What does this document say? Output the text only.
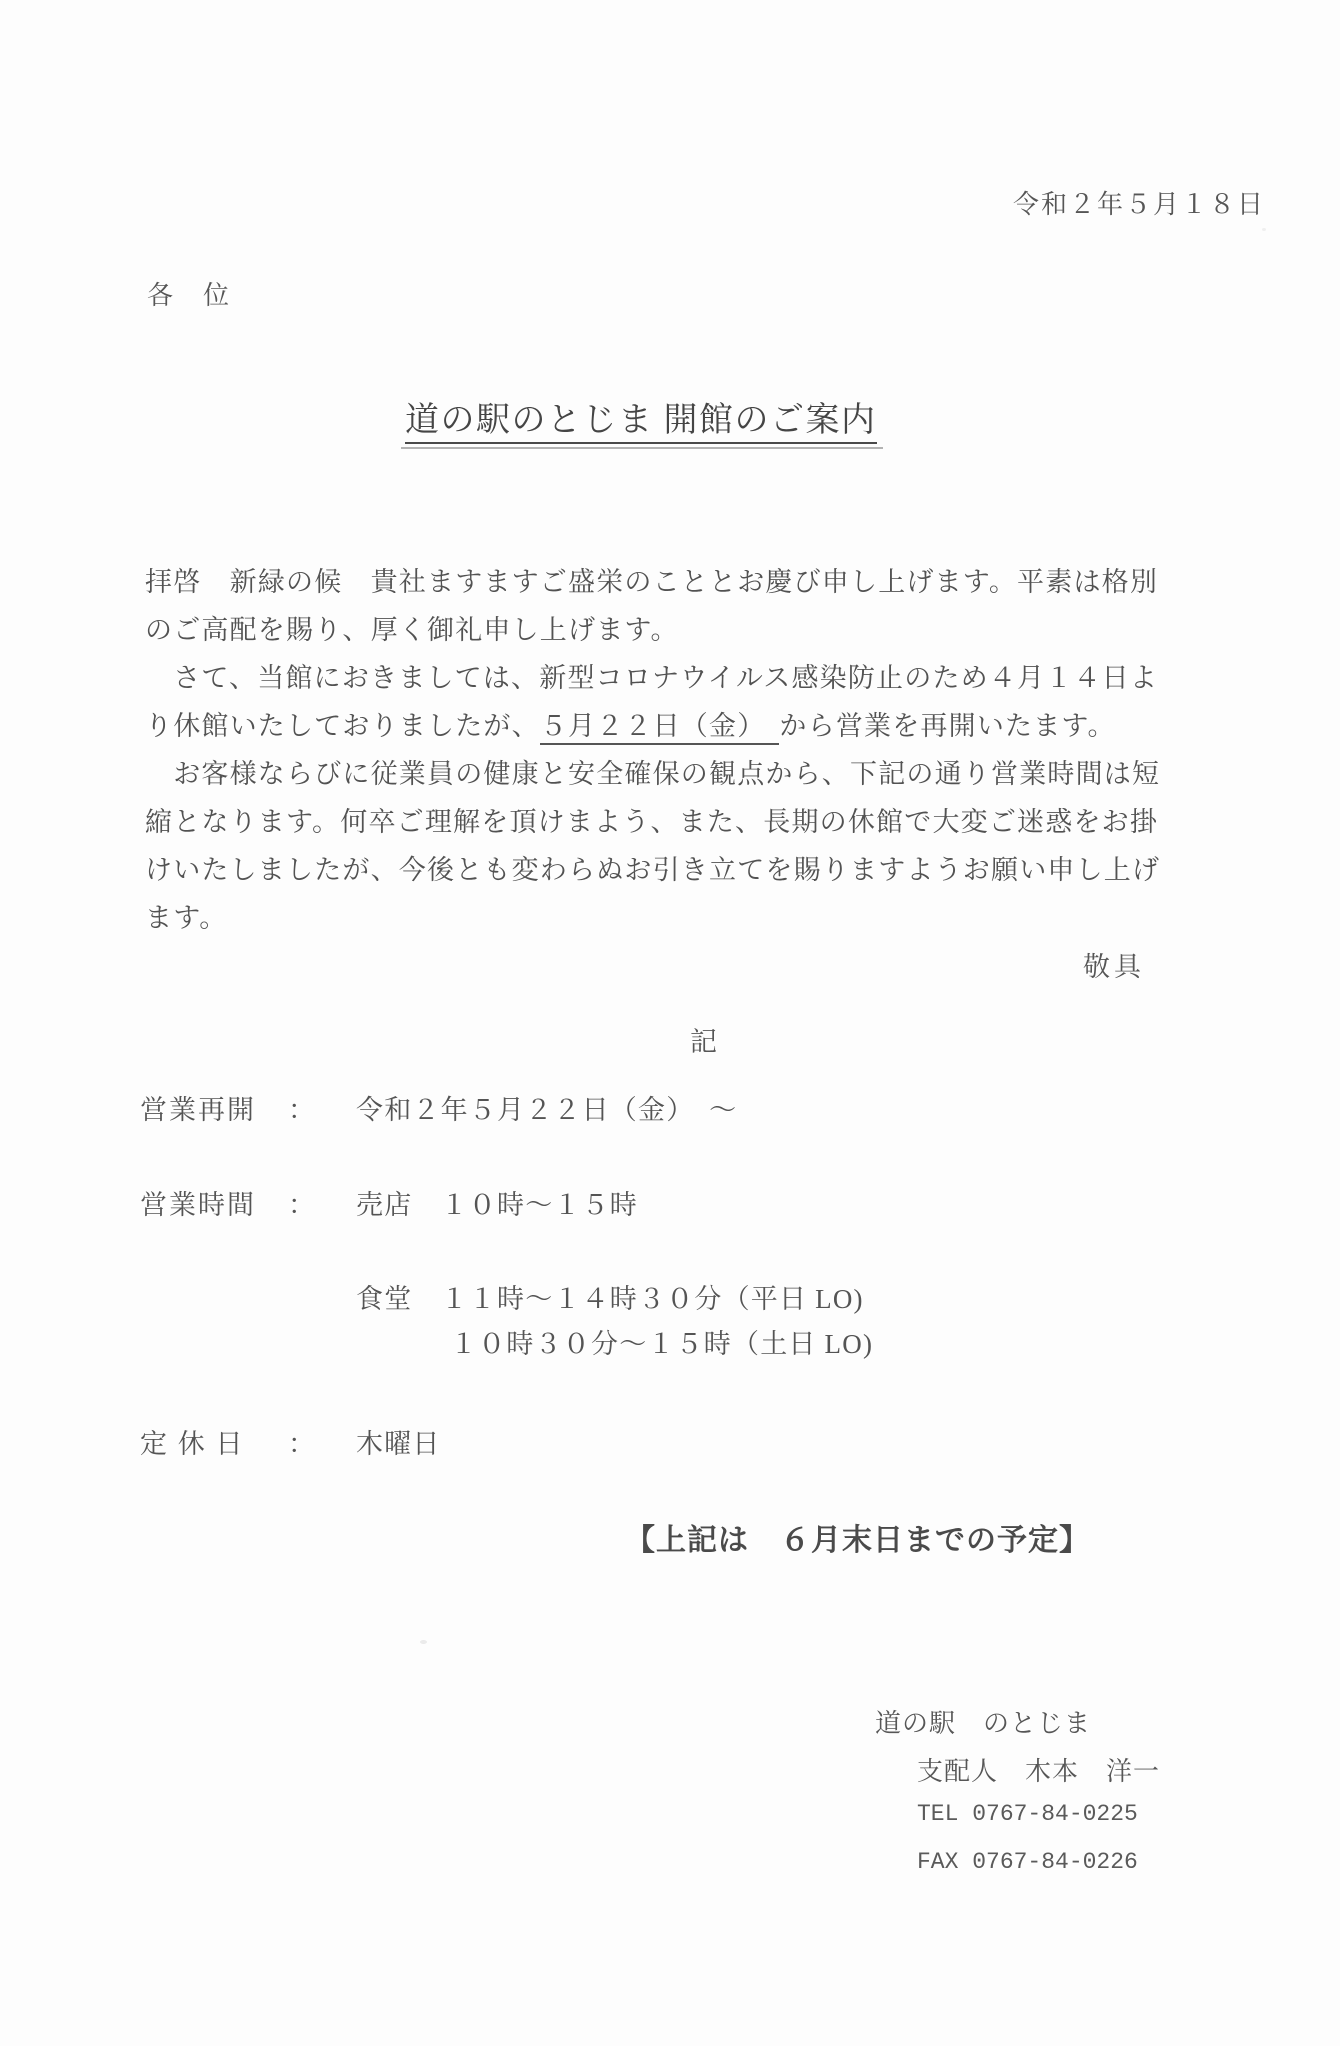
令和２年５月１８日
各　位
道の駅のとじま 開館のご案内
拝啓　新緑の候　貴社ますますご盛栄のこととお慶び申し上げます。平素は格別
のご高配を賜り、厚く御礼申し上げます。
　さて、当館におきましては、新型コロナウイルス感染防止のため４月１４日よ
り休館いたしておりましたが、５月２２日（金） から営業を再開いたます。
　お客様ならびに従業員の健康と安全確保の観点から、下記の通り営業時間は短
縮となります。何卒ご理解を頂けまよう、また、長期の休館で大変ご迷惑をお掛
けいたしましたが、今後とも変わらぬお引き立てを賜りますようお願い申し上げ
ます。
敬具
記
営業再開 ： 令和２年５月２２日（金）　～
営業時間 ： 売店　１０時～１５時
食堂　１１時～１４時３０分（平日 LO)
１０時３０分～１５時（土日 LO)
定 休 日 ： 木曜日
【上記は　６月末日までの予定】
道の駅　のとじま
支配人　木本　洋一
TEL 0767-84-0225
FAX 0767-84-0226
